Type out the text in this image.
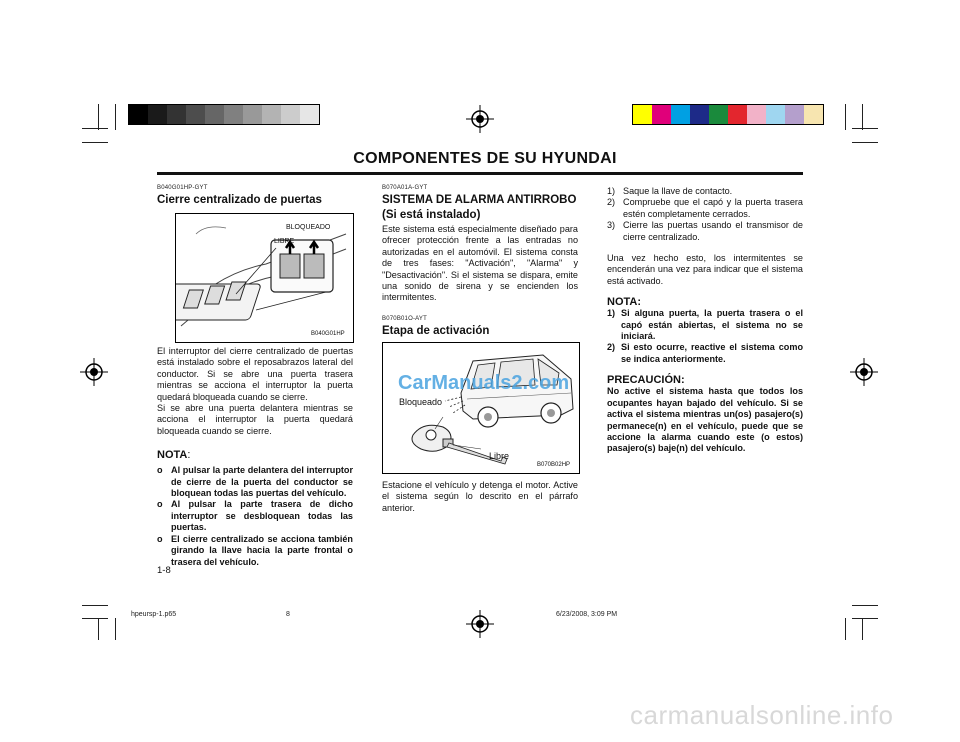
COMPONENTES DE SU HYUNDAI
B040G01HP-GYT
Cierre centralizado de puertas
BLOQUEADO
LIBRE
B040G01HP
El interruptor del cierre centralizado de puertas está instalado sobre el reposabrazos lateral del conductor. Si se abre una puerta trasera mientras se acciona el interruptor la puerta quedará bloqueada cuando se cierre.
Si se abre una puerta delantera mientras se acciona el interruptor la puerta quedará bloqueada cuando se cierre.
NOTA:
o Al pulsar la parte delantera del interruptor de cierre de la puerta del conductor se bloquean todas las puertas del vehículo.
o Al pulsar la parte trasera de dicho interruptor se desbloquean todas las puertas.
o El cierre centralizado se acciona también girando la llave hacia la parte frontal o trasera del vehículo.
B070A01A-GYT
SISTEMA DE ALARMA ANTIRROBO
(Si está instalado)
Este sistema está especialmente diseñado para ofrecer protección frente a las entradas no autorizadas en el automóvil. El sistema consta de tres fases: "Activación", "Alarma" y "Desactivación". Si el sistema se dispara, emite una sonido de sirena y se encienden los intermitentes.
B070B01O-AYT
Etapa de activación
Bloqueado
Libre
B070B02HP
CarManuals2.com
Estacione el vehículo y detenga el motor. Active el sistema según lo descrito en el párrafo anterior.
1) Saque la llave de contacto.
2) Compruebe que el capó y la puerta trasera estén completamente cerrados.
3) Cierre las puertas usando el transmisor de cierre centralizado.
Una vez hecho esto, los intermitentes se encenderán una vez para indicar que el sistema está activado.
NOTA:
1) Si alguna puerta, la puerta trasera o el capó están abiertas, el sistema no se iniciará.
2) Si esto ocurre, reactive el sistema como se indica anteriormente.
PRECAUCIÓN:
No active el sistema hasta que todos los ocupantes hayan bajado del vehículo. Si se activa el sistema mientras un(os) pasajero(s) permanece(n) en el vehículo, puede que se accione la alarma cuando este (o estos) pasajero(s) baje(n) del vehículo.
1-8
hpeursp-1.p65	8	6/23/2008, 3:09 PM
carmanualsonline.info
